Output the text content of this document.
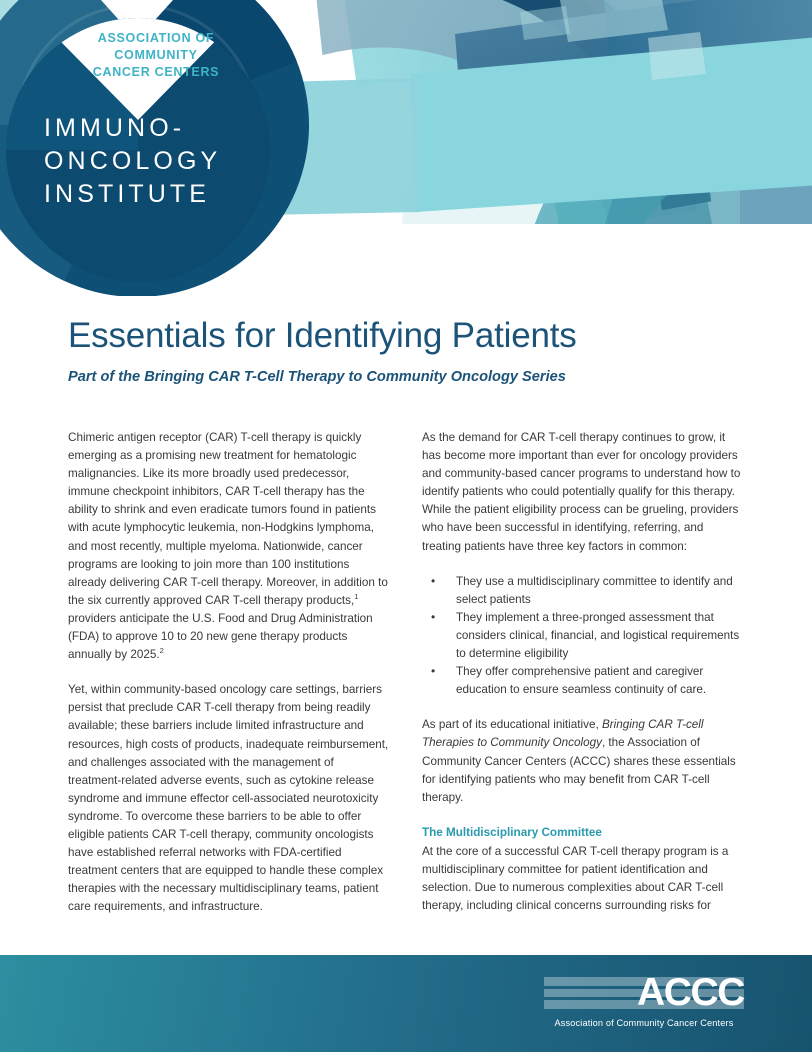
ASSOCIATION OF
COMMUNITY
CANCER CENTERS
IMMUNO-
ONCOLOGY
INSTITUTE
Essentials for Identifying Patients
Part of the Bringing CAR T-Cell Therapy to Community Oncology Series

Chimeric antigen receptor (CAR) T-cell therapy is quickly emerging as a promising new treatment for hematologic malignancies. Like its more broadly used predecessor, immune checkpoint inhibitors, CAR T-cell therapy has the ability to shrink and even eradicate tumors found in patients with acute lymphocytic leukemia, non-Hodgkins lymphoma, and most recently, multiple myeloma. Nationwide, cancer programs are looking to join more than 100 institutions already delivering CAR T-cell therapy. Moreover, in addition to the six currently approved CAR T-cell therapy products,$^1$ providers anticipate the U.S. Food and Drug Administration (FDA) to approve 10 to 20 new gene therapy products annually by 2025.$^2$

Yet, within community-based oncology care settings, barriers persist that preclude CAR T-cell therapy from being readily available; these barriers include limited infrastructure and resources, high costs of products, inadequate reimbursement, and challenges associated with the management of treatment-related adverse events, such as cytokine release syndrome and immune effector cell-associated neurotoxicity syndrome. To overcome these barriers to be able to offer eligible patients CAR T-cell therapy, community oncologists have established referral networks with FDA-certified treatment centers that are equipped to handle these complex therapies with the necessary multidisciplinary teams, patient care requirements, and infrastructure.

As the demand for CAR T-cell therapy continues to grow, it has become more important than ever for oncology providers and community-based cancer programs to understand how to identify patients who could potentially qualify for this therapy. While the patient eligibility process can be grueling, providers who have been successful in identifying, referring, and treating patients have three key factors in common:

• They use a multidisciplinary committee to identify and select patients
• They implement a three-pronged assessment that considers clinical, financial, and logistical requirements to determine eligibility
• They offer comprehensive patient and caregiver education to ensure seamless continuity of care.

As part of its educational initiative, Bringing CAR T-cell Therapies to Community Oncology, the Association of Community Cancer Centers (ACCC) shares these essentials for identifying patients who may benefit from CAR T-cell therapy.

The Multidisciplinary Committee

At the core of a successful CAR T-cell therapy program is a multidisciplinary committee for patient identification and selection. Due to numerous complexities about CAR T-cell therapy, including clinical concerns surrounding risks for

ACCC
Association of Community Cancer Centers
